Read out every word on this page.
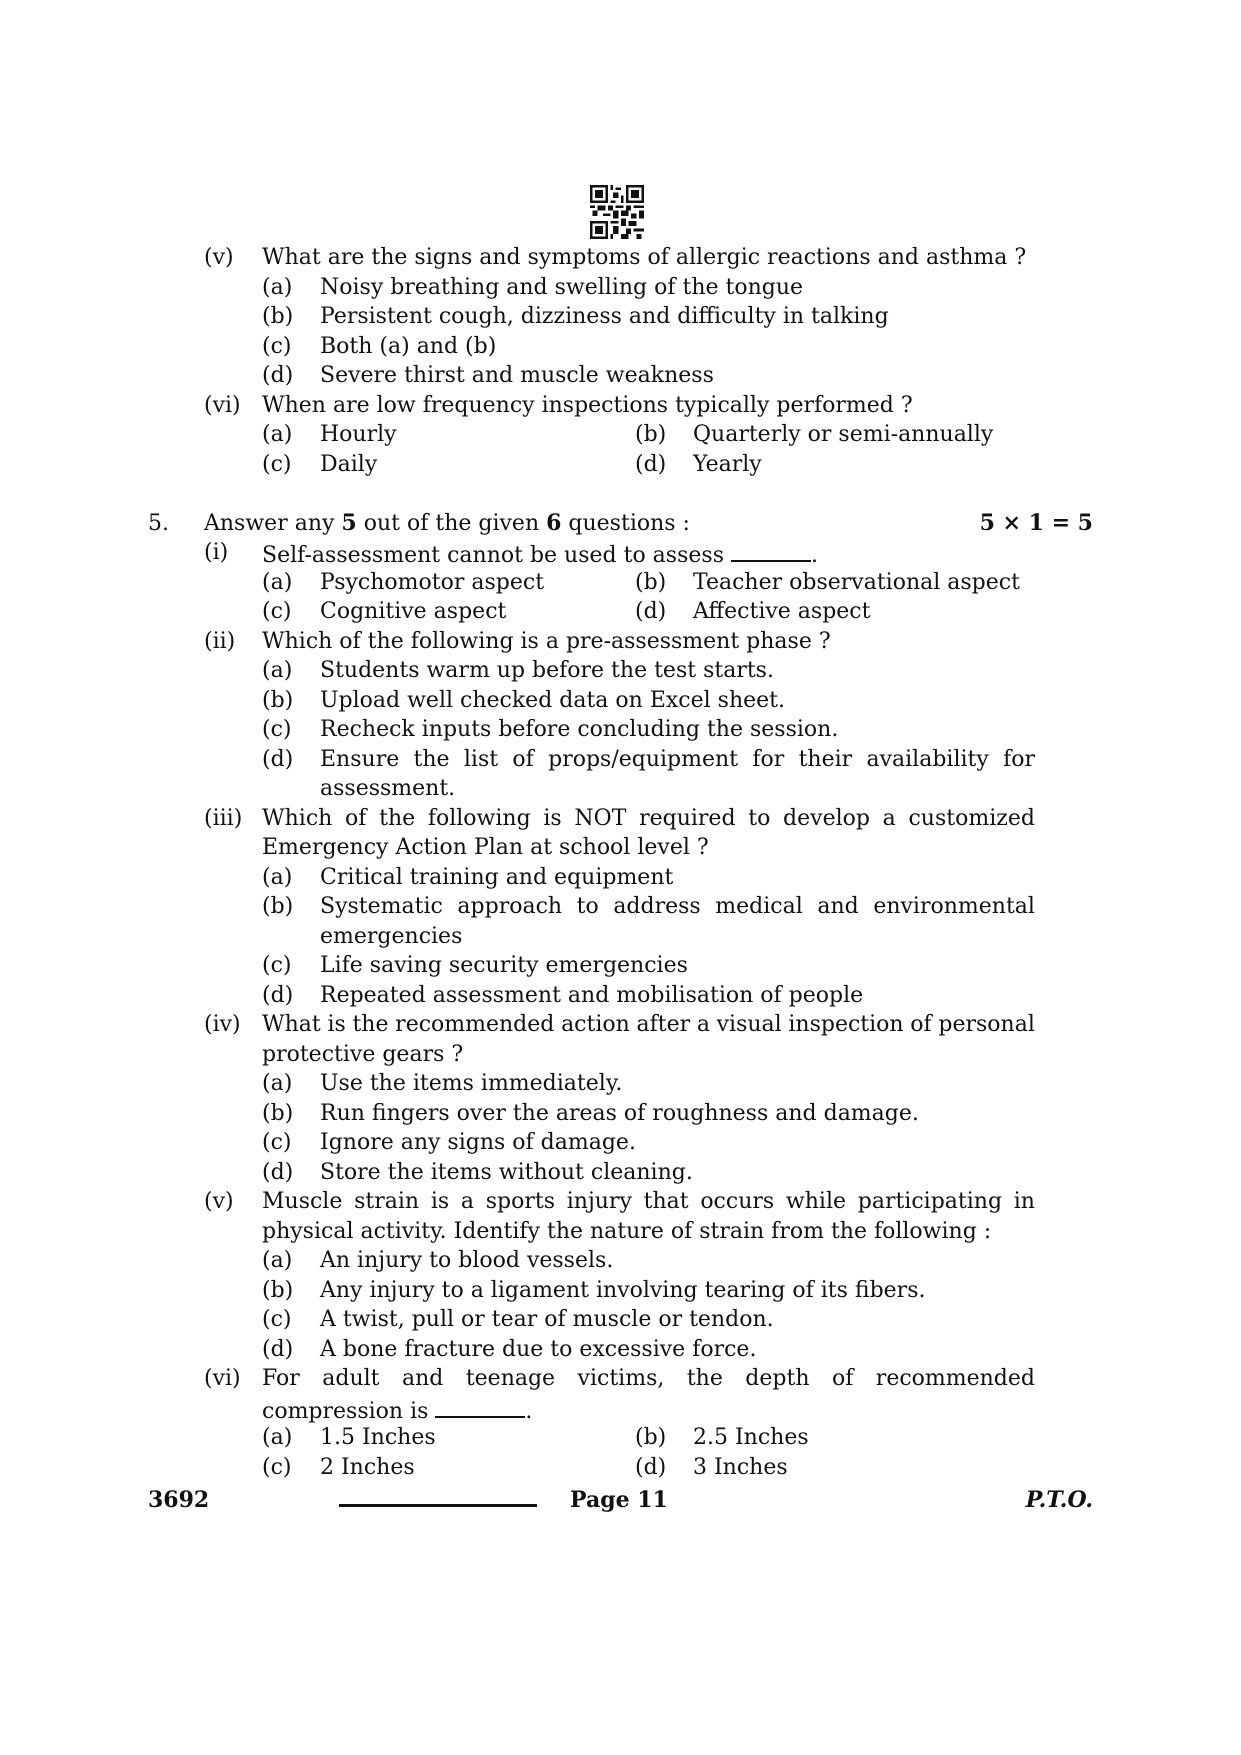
(v) What are the signs and symptoms of allergic reactions and asthma ?
(a) Noisy breathing and swelling of the tongue
(b) Persistent cough, dizziness and difficulty in talking
(c) Both (a) and (b)
(d) Severe thirst and muscle weakness
(vi) When are low frequency inspections typically performed ?
(a) Hourly	(b) Quarterly or semi-annually
(c) Daily	(d) Yearly
5. Answer any 5 out of the given 6 questions :	5 × 1 = 5
(i) Self-assessment cannot be used to assess	.
(a) Psychomotor aspect	(b) Teacher observational aspect
(c) Cognitive aspect	(d) Affective aspect
(ii) Which of the following is a pre-assessment phase ?
(a) Students warm up before the test starts.
(b) Upload well checked data on Excel sheet.
(c) Recheck inputs before concluding the session.
(d) Ensure the list of props/equipment for their availability for
assessment.
(iii) Which of the following is NOT required to develop a customized
Emergency Action Plan at school level ?
(a) Critical training and equipment
(b) Systematic approach to address medical and environmental
emergencies
(c) Life saving security emergencies
(d) Repeated assessment and mobilisation of people
(iv) What is the recommended action after a visual inspection of personal
protective gears ?
(a) Use the items immediately.
(b) Run fingers over the areas of roughness and damage.
(c) Ignore any signs of damage.
(d) Store the items without cleaning.
(v) Muscle strain is a sports injury that occurs while participating in
physical activity. Identify the nature of strain from the following :
(a) An injury to blood vessels.
(b) Any injury to a ligament involving tearing of its fibers.
(c) A twist, pull or tear of muscle or tendon.
(d) A bone fracture due to excessive force.
(vi) For adult and teenage victims, the depth of recommended
compression is	.
(a) 1.5 Inches	(b) 2.5 Inches
(c) 2 Inches	(d) 3 Inches
3692	Page 11	P.T.O.
